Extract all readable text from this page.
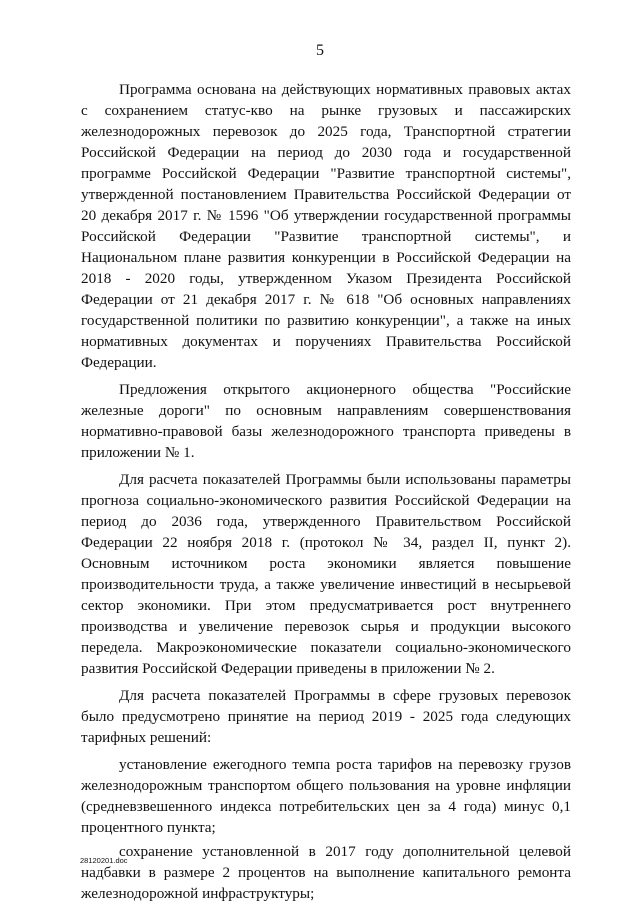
5

Программа основана на действующих нормативных правовых актах с сохранением статус-кво на рынке грузовых и пассажирских железнодорожных перевозок до 2025 года, Транспортной стратегии Российской Федерации на период до 2030 года и государственной программе Российской Федерации "Развитие транспортной системы", утвержденной постановлением Правительства Российской Федерации от 20 декабря 2017 г. № 1596 "Об утверждении государственной программы Российской Федерации "Развитие транспортной системы", и Национальном плане развития конкуренции в Российской Федерации на 2018 - 2020 годы, утвержденном Указом Президента Российской Федерации от 21 декабря 2017 г. № 618 "Об основных направлениях государственной политики по развитию конкуренции", а также на иных нормативных документах и поручениях Правительства Российской Федерации.

Предложения открытого акционерного общества "Российские железные дороги" по основным направлениям совершенствования нормативно-правовой базы железнодорожного транспорта приведены в приложении № 1.

Для расчета показателей Программы были использованы параметры прогноза социально-экономического развития Российской Федерации на период до 2036 года, утвержденного Правительством Российской Федерации 22 ноября 2018 г. (протокол № 34, раздел II, пункт 2). Основным источником роста экономики является повышение производительности труда, а также увеличение инвестиций в несырьевой сектор экономики. При этом предусматривается рост внутреннего производства и увеличение перевозок сырья и продукции высокого передела. Макроэкономические показатели социально-экономического развития Российской Федерации приведены в приложении № 2.

Для расчета показателей Программы в сфере грузовых перевозок было предусмотрено принятие на период 2019 - 2025 года следующих тарифных решений:

установление ежегодного темпа роста тарифов на перевозку грузов железнодорожным транспортом общего пользования на уровне инфляции (средневзвешенного индекса потребительских цен за 4 года) минус 0,1 процентного пункта;

сохранение установленной в 2017 году дополнительной целевой надбавки в размере 2 процентов на выполнение капитального ремонта железнодорожной инфраструктуры;

28120201.doc
